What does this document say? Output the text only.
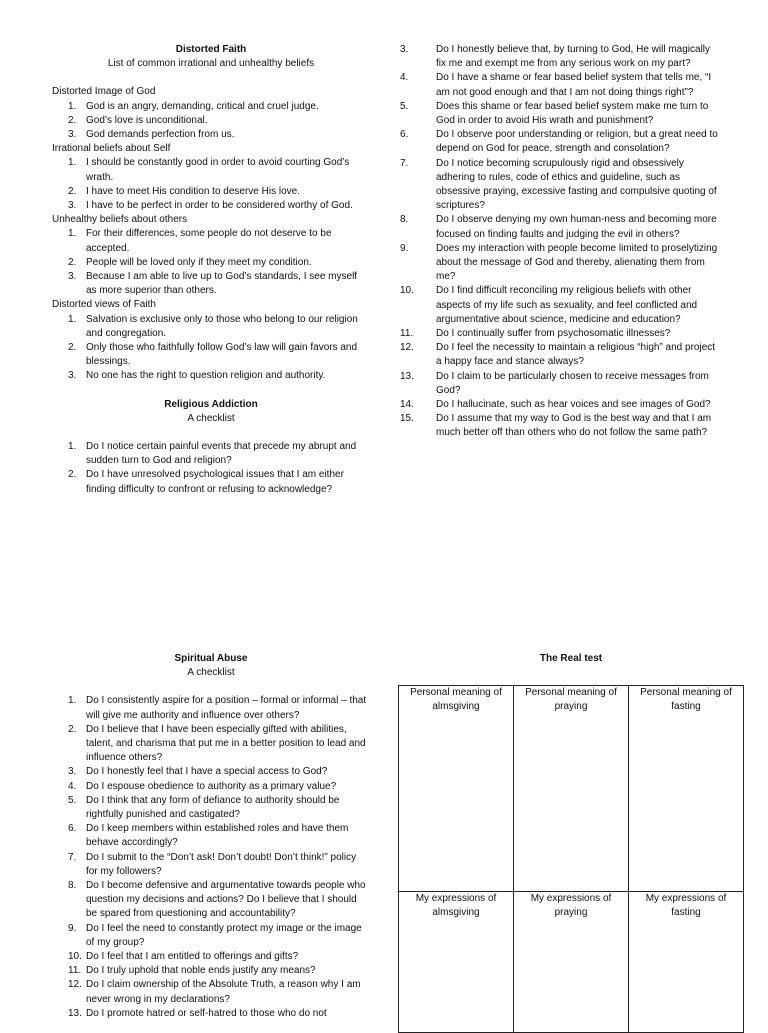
Distorted Faith
List of common irrational and unhealthy beliefs
Distorted Image of God
1. God is an angry, demanding, critical and cruel judge.
2. God’s love is unconditional.
3. God demands perfection from us.
Irrational beliefs about Self
1. I should be constantly good in order to avoid courting God’s wrath.
2. I have to meet His condition to deserve His love.
3. I have to be perfect in order to be considered worthy of God.
Unhealthy beliefs about others
1. For their differences, some people do not deserve to be accepted.
2. People will be loved only if they meet my condition.
3. Because I am able to live up to God’s standards, I see myself as more superior than others.
Distorted views of Faith
1. Salvation is exclusive only to those who belong to our religion and congregation.
2. Only those who faithfully follow God’s law will gain favors and blessings.
3. No one has the right to question religion and authority.
Religious Addiction
A checklist
1. Do I notice certain painful events that precede my abrupt and sudden turn to God and religion?
2. Do I have unresolved psychological issues that I am either finding difficulty to confront or refusing to acknowledge?
3.	Do I honestly believe that, by turning to God, He will magically fix me and exempt me from any serious work on my part?
4.	Do I have a shame or fear based belief system that tells me, “I am not good enough and that I am not doing things right”?
5.	Does this shame or fear based belief system make me turn to God in order to avoid His wrath and punishment?
6.	Do I observe poor understanding or religion, but a great need to depend on God for peace, strength and consolation?
7.	Do I notice becoming scrupulously rigid and obsessively adhering to rules, code of ethics and guideline, such as obsessive praying, excessive fasting and compulsive quoting of scriptures?
8.	Do I observe denying my own human-ness and becoming more focused on finding faults and judging the evil in others?
9.	Does my interaction with people become limited to proselytizing about the message of God and thereby, alienating them from me?
10. Do I find difficult reconciling my religious beliefs with other aspects of my life such as sexuality, and feel conflicted and argumentative about science, medicine and education?
11. Do I continually suffer from psychosomatic illnesses?
12. Do I feel the necessity to maintain a religious “high” and project a happy face and stance always?
13. Do I claim to be particularly chosen to receive messages from God?
14. Do I hallucinate, such as hear voices and see images of God?
15. Do I assume that my way to God is the best way and that I am much better off than others who do not follow the same path?
Spiritual Abuse
A checklist
1. Do I consistently aspire for a position – formal or informal – that will give me authority and influence over others?
2. Do I believe that I have been especially gifted with abilities, talent, and charisma that put me in a better position to lead and influence others?
3. Do I honestly feel that I have a special access to God?
4. Do I espouse obedience to authority as a primary value?
5. Do I think that any form of defiance to authority should be rightfully punished and castigated?
6. Do I keep members within established roles and have them behave accordingly?
7. Do I submit to the “Don’t ask! Don’t doubt! Don’t think!” policy for my followers?
8. Do I become defensive and argumentative towards people who question my decisions and actions? Do I believe that I should be spared from questioning and accountability?
9. Do I feel the need to constantly protect my image or the image of my group?
10. Do I feel that I am entitled to offerings and gifts?
11. Do I truly uphold that noble ends justify any means?
12. Do I claim ownership of the Absolute Truth, a reason why I am never wrong in my declarations?
13. Do I promote hatred or self-hatred to those who do not
The Real test
Personal meaning of almsgiving	Personal meaning of praying	Personal meaning of fasting
My expressions of almsgiving	My expressions of praying	My expressions of fasting
